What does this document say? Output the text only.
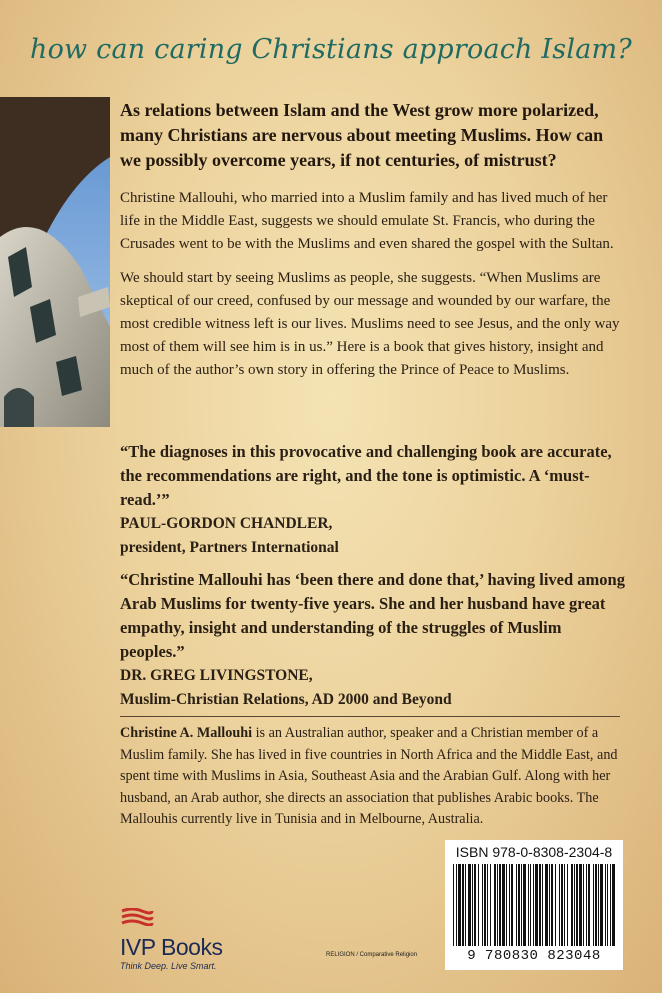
how can caring Christians approach Islam?

As relations between Islam and the West grow more polarized, many Christians are nervous about meeting Muslims. How can we possibly overcome years, if not centuries, of mistrust?

Christine Mallouhi, who married into a Muslim family and has lived much of her life in the Middle East, suggests we should emulate St. Francis, who during the Crusades went to be with the Muslims and even shared the gospel with the Sultan.

We should start by seeing Muslims as people, she suggests. “When Muslims are skeptical of our creed, confused by our message and wounded by our warfare, the most credible witness left is our lives. Muslims need to see Jesus, and the only way most of them will see him is in us.” Here is a book that gives history, insight and much of the author’s own story in offering the Prince of Peace to Muslims.

“The diagnoses in this provocative and challenging book are accurate, the recommendations are right, and the tone is optimistic. A ‘must-read.’”
PAUL-GORDON CHANDLER,
president, Partners International
“Christine Mallouhi has ‘been there and done that,’ having lived among Arab Muslims for twenty-five years. She and her husband have great empathy, insight and understanding of the struggles of Muslim peoples.”
DR. GREG LIVINGSTONE,
Muslim-Christian Relations, AD 2000 and Beyond
Christine A. Mallouhi is an Australian author, speaker and a Christian member of a Muslim family. She has lived in five countries in North Africa and the Middle East, and spent time with Muslims in Asia, Southeast Asia and the Arabian Gulf. Along with her husband, an Arab author, she directs an association that publishes Arabic books. The Mallouhis currently live in Tunisia and in Melbourne, Australia.
ISBN 978-0-8308-2304-8
9 780830 823048
IVP Books
Think Deep. Live Smart.
RELIGION / Comparative Religion
